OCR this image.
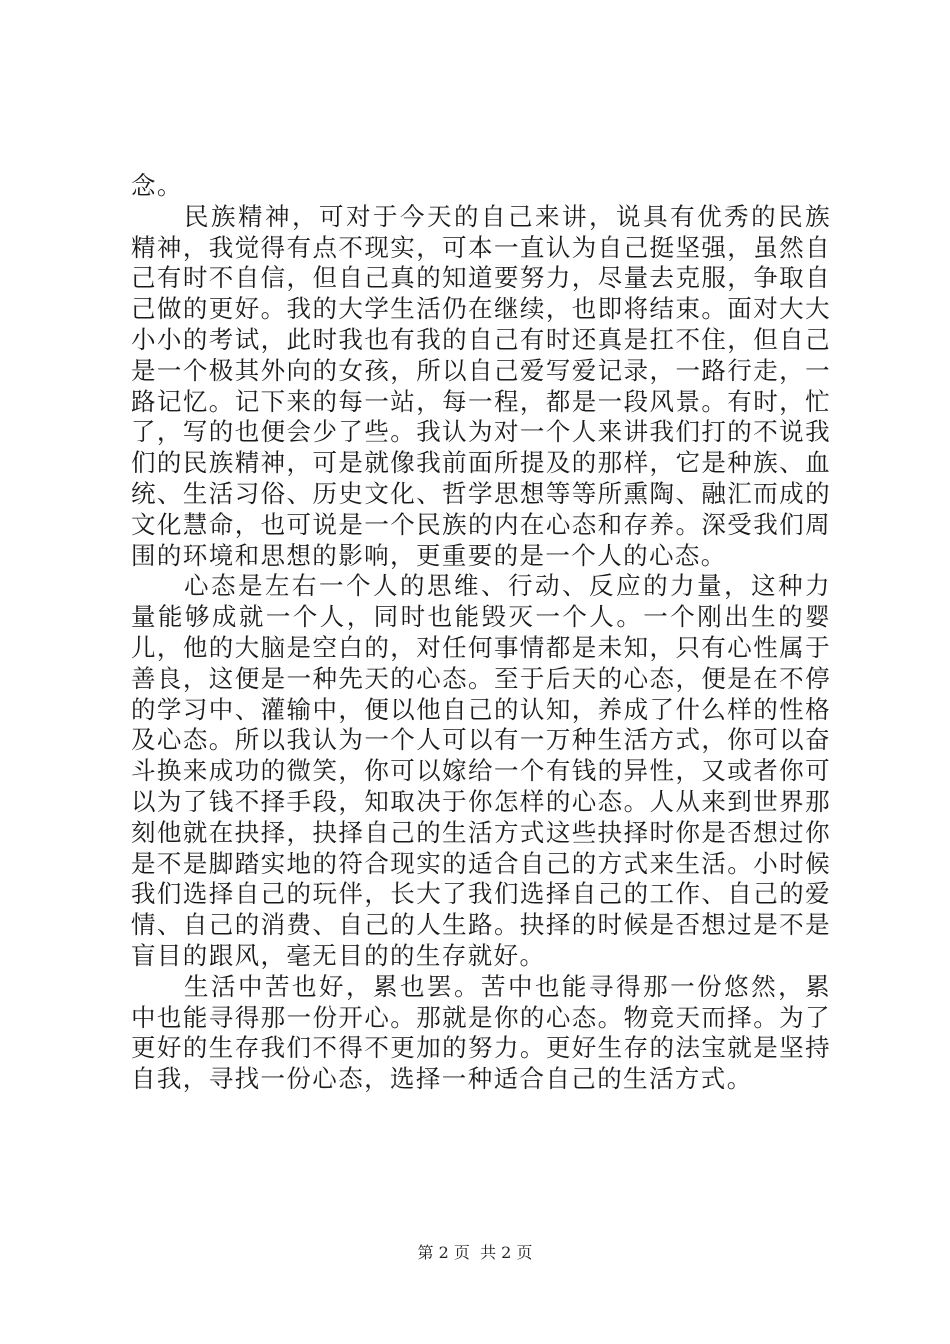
念。

民族精神，可对于今天的自己来讲，说具有优秀的民族精神，我觉得有点不现实，可本一直认为自己挺坚强，虽然自己有时不自信，但自己真的知道要努力，尽量去克服，争取自己做的更好。我的大学生活仍在继续，也即将结束。面对大大小小的考试，此时我也有我的自己有时还真是扛不住，但自己是一个极其外向的女孩，所以自己爱写爱记录，一路行走，一路记忆。记下来的每一站，每一程，都是一段风景。有时，忙了，写的也便会少了些。我认为对一个人来讲我们打的不说我们的民族精神，可是就像我前面所提及的那样，它是种族、血统、生活习俗、历史文化、哲学思想等等所熏陶、融汇而成的文化慧命，也可说是一个民族的内在心态和存养。深受我们周围的环境和思想的影响，更重要的是一个人的心态。

心态是左右一个人的思维、行动、反应的力量，这种力量能够成就一个人，同时也能毁灭一个人。一个刚出生的婴儿，他的大脑是空白的，对任何事情都是未知，只有心性属于善良，这便是一种先天的心态。至于后天的心态，便是在不停的学习中、灌输中，便以他自己的认知，养成了什么样的性格及心态。所以我认为一个人可以有一万种生活方式，你可以奋斗换来成功的微笑，你可以嫁给一个有钱的异性，又或者你可以为了钱不择手段，知取决于你怎样的心态。人从来到世界那刻他就在抉择，抉择自己的生活方式这些抉择时你是否想过你是不是脚踏实地的符合现实的适合自己的方式来生活。小时候我们选择自己的玩伴，长大了我们选择自己的工作、自己的爱情、自己的消费、自己的人生路。抉择的时候是否想过是不是盲目的跟风，毫无目的的生存就好。

生活中苦也好，累也罢。苦中也能寻得那一份悠然，累中也能寻得那一份开心。那就是你的心态。物竞天而择。为了更好的生存我们不得不更加的努力。更好生存的法宝就是坚持自我，寻找一份心态，选择一种适合自己的生活方式。

第 2 页 共 2 页
